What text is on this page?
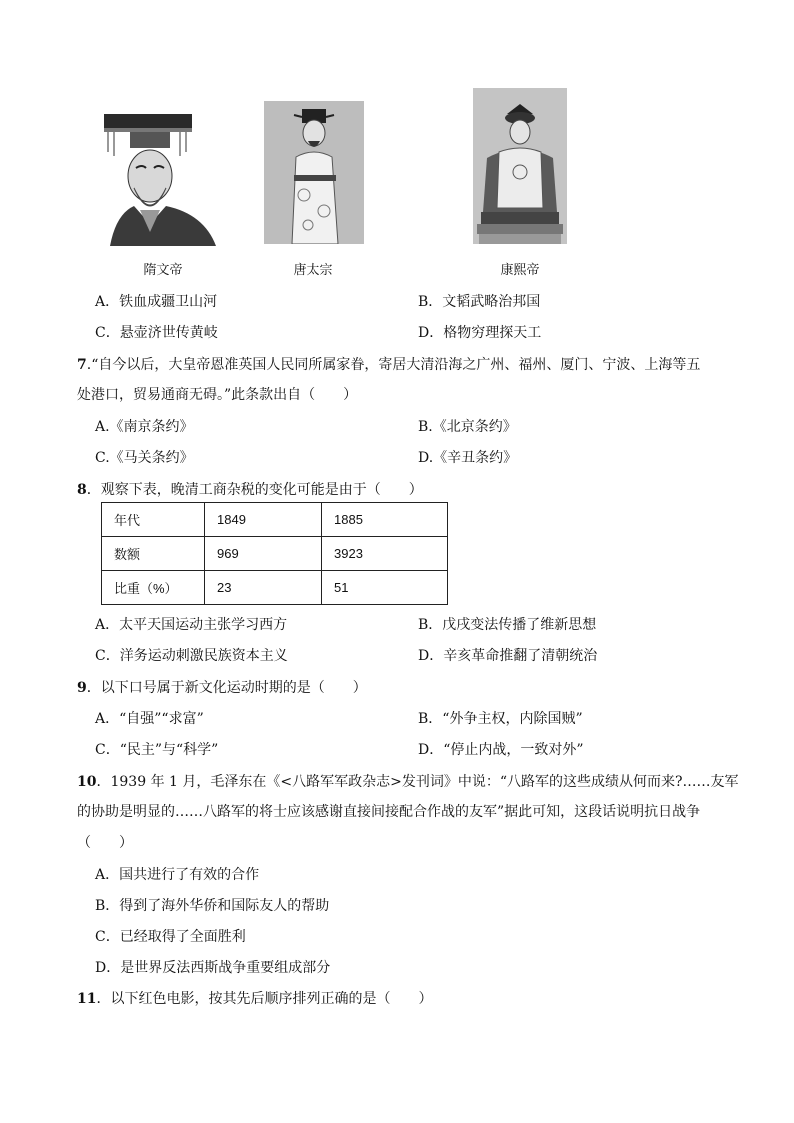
隋文帝	唐太宗	康熙帝
A．铁血成疆卫山河	B．文韬武略治邦国
C．悬壶济世传黄岐	D．格物穷理探天工
7.“自今以后，大皇帝恩准英国人民同所属家眷，寄居大清沿海之广州、福州、厦门、宁波、上海等五
处港口，贸易通商无碍。”此条款出自（　　）
A.《南京条约》	B.《北京条约》
C.《马关条约》	D.《辛丑条约》
8．观察下表，晚清工商杂税的变化可能是由于（　　）
年代	1849	1885
数额	969	3923
比重（%）	23	51
A．太平天国运动主张学习西方	B．戊戌变法传播了维新思想
C．洋务运动刺激民族资本主义	D．辛亥革命推翻了清朝统治
9．以下口号属于新文化运动时期的是（　　）
A．“自强”“求富”	B．“外争主权，内除国贼”
C．“民主”与“科学”	D．“停止内战，一致对外”
10．1939 年 1 月，毛泽东在《<八路军军政杂志>发刊词》中说：“八路军的这些成绩从何而来?……友军
的协助是明显的……八路军的将士应该感谢直接间接配合作战的友军”据此可知，这段话说明抗日战争
（　　）
A．国共进行了有效的合作
B．得到了海外华侨和国际友人的帮助
C．已经取得了全面胜利
D．是世界反法西斯战争重要组成部分
11．以下红色电影，按其先后顺序排列正确的是（　　）
